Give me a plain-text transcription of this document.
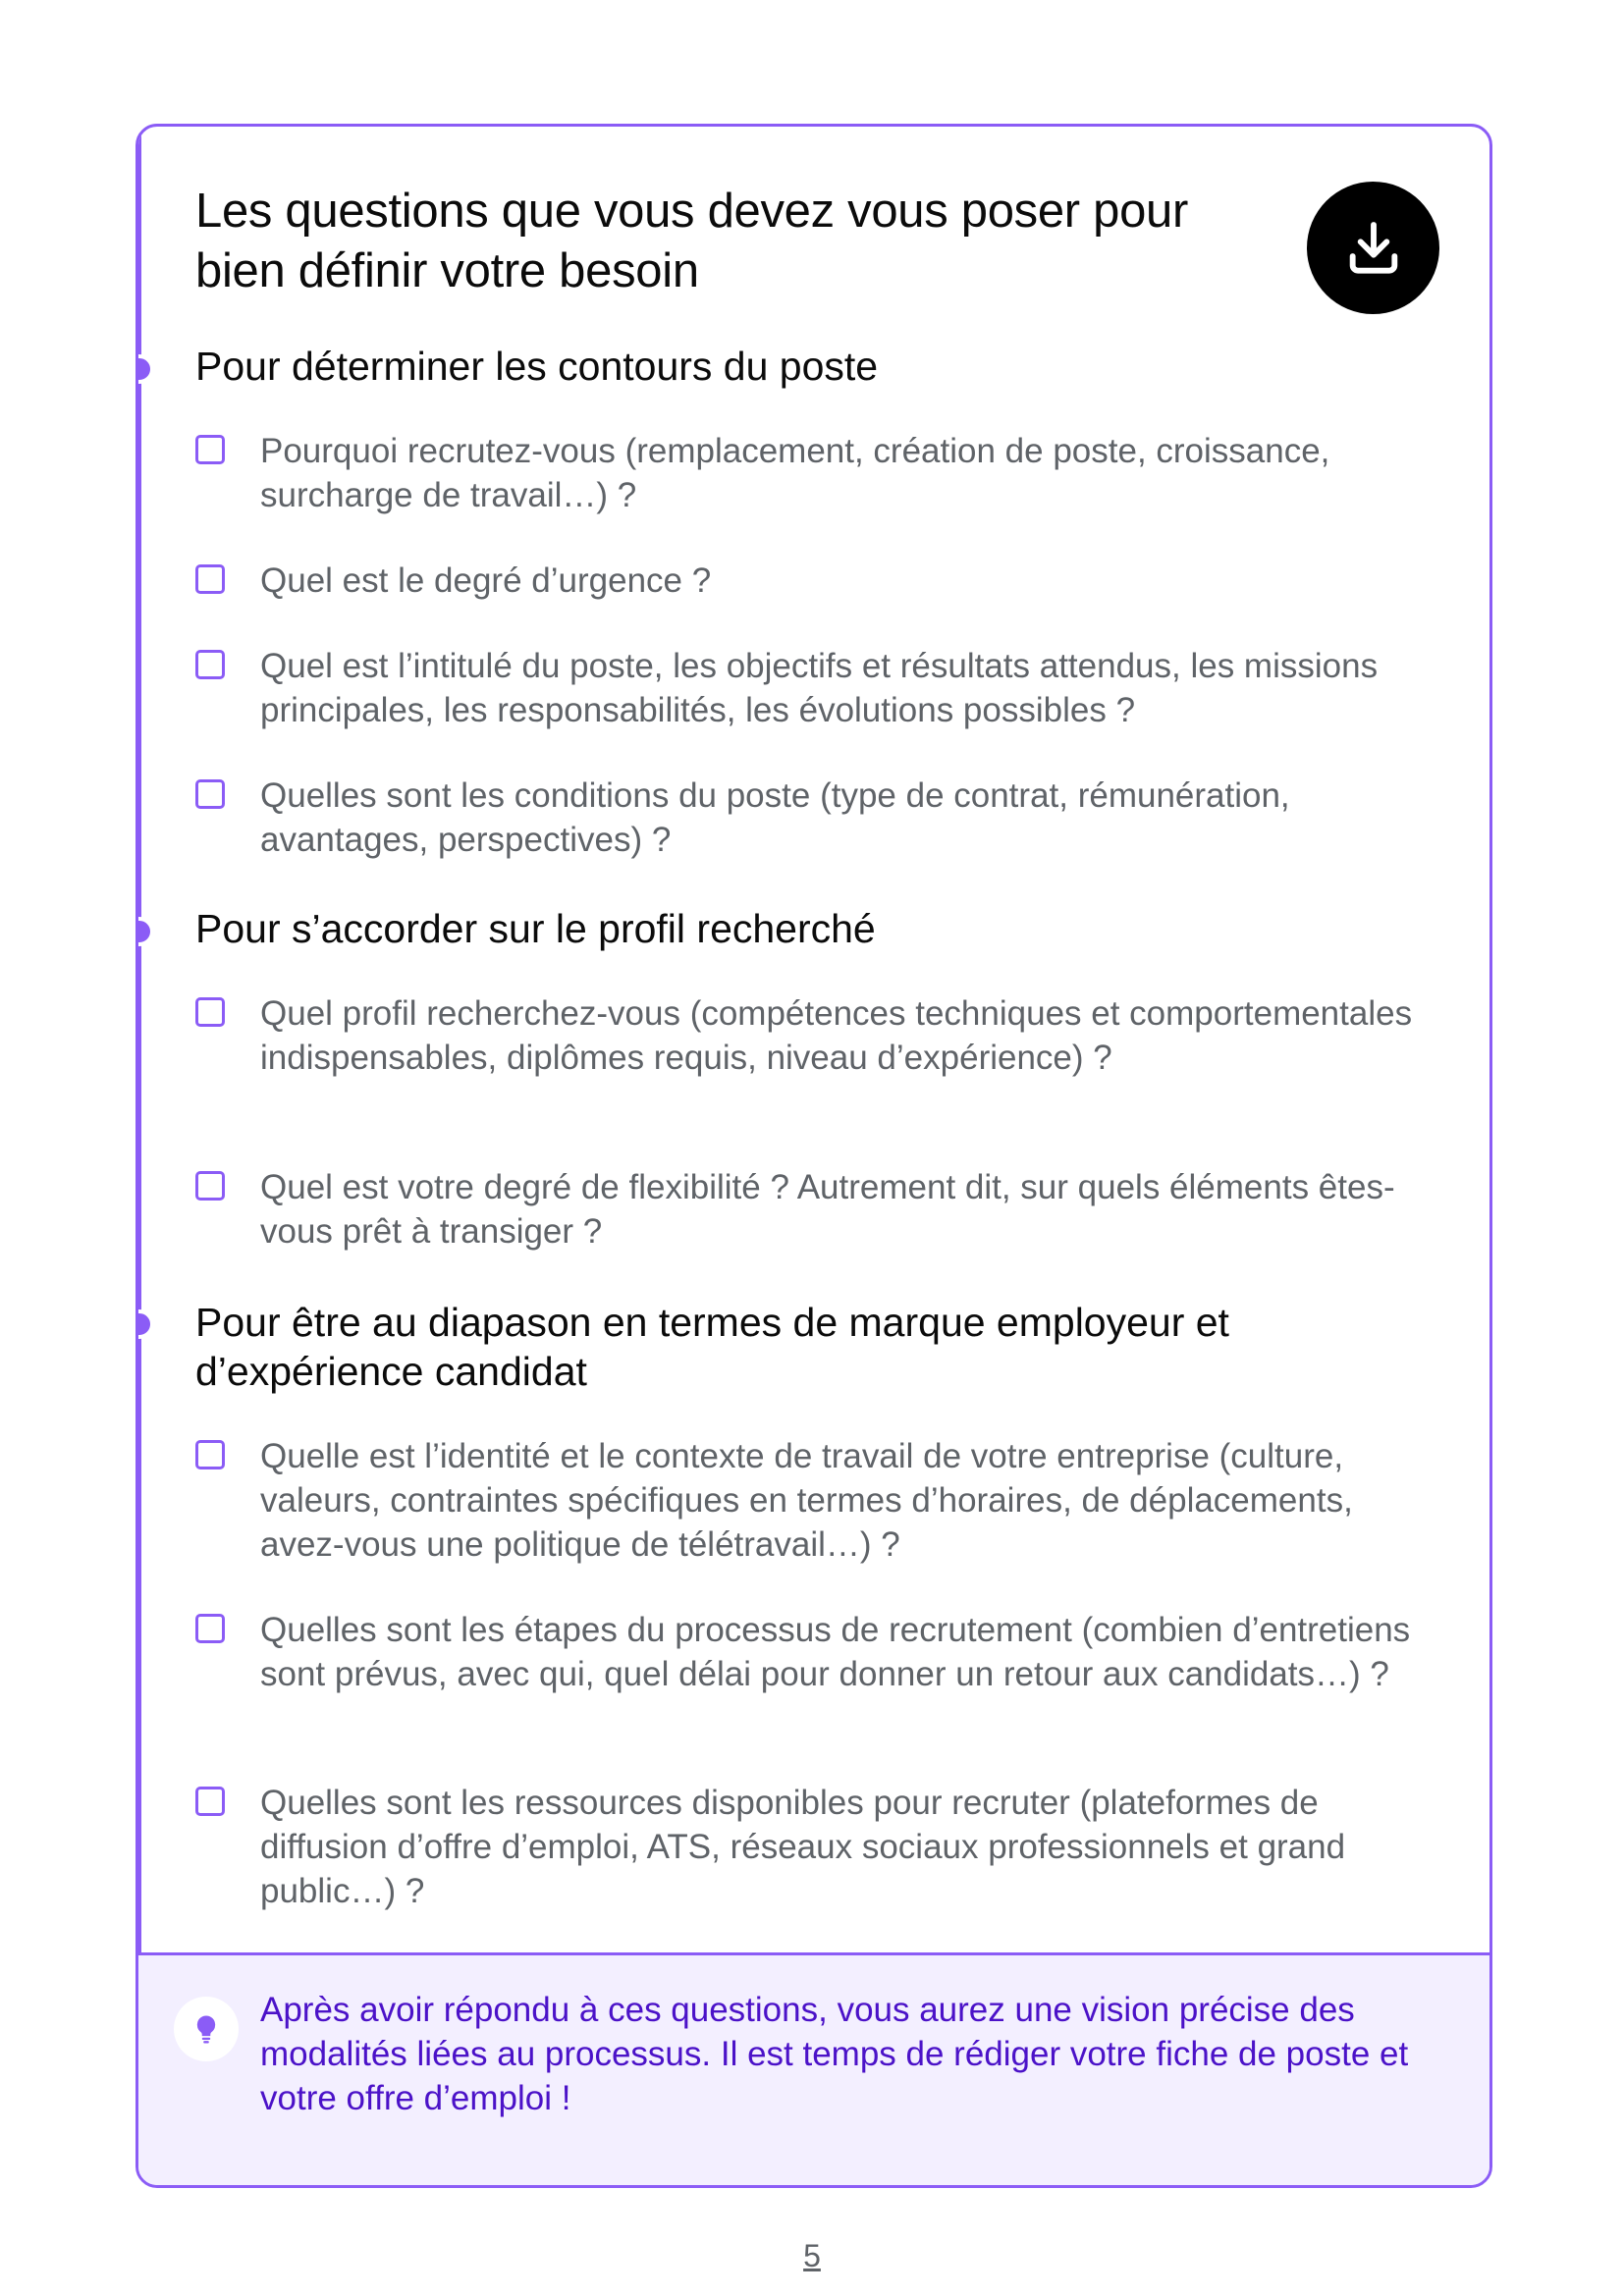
Les questions que vous devez vous poser pour bien définir votre besoin
Pour déterminer les contours du poste
Pourquoi recrutez-vous (remplacement, création de poste, croissance, surcharge de travail…) ?
Quel est le degré d’urgence ?
Quel est l’intitulé du poste, les objectifs et résultats attendus, les missions principales, les responsabilités, les évolutions possibles ?
Quelles sont les conditions du poste (type de contrat, rémunération, avantages, perspectives) ?
Pour s’accorder sur le profil recherché
Quel profil recherchez-vous (compétences techniques et comportementales indispensables, diplômes requis, niveau d’expérience) ?
Quel est votre degré de flexibilité ? Autrement dit, sur quels éléments êtes-vous prêt à transiger ?
Pour être au diapason en termes de marque employeur et d’expérience candidat
Quelle est l’identité et le contexte de travail de votre entreprise (culture, valeurs, contraintes spécifiques en termes d’horaires, de déplacements, avez-vous une politique de télétravail…) ?
Quelles sont les étapes du processus de recrutement (combien d’entretiens sont prévus, avec qui, quel délai pour donner un retour aux candidats…) ?
Quelles sont les ressources disponibles pour recruter (plateformes de diffusion d’offre d’emploi, ATS, réseaux sociaux professionnels et grand public…) ?
Après avoir répondu à ces questions, vous aurez une vision précise des modalités liées au processus. Il est temps de rédiger votre fiche de poste et votre offre d’emploi !
5
